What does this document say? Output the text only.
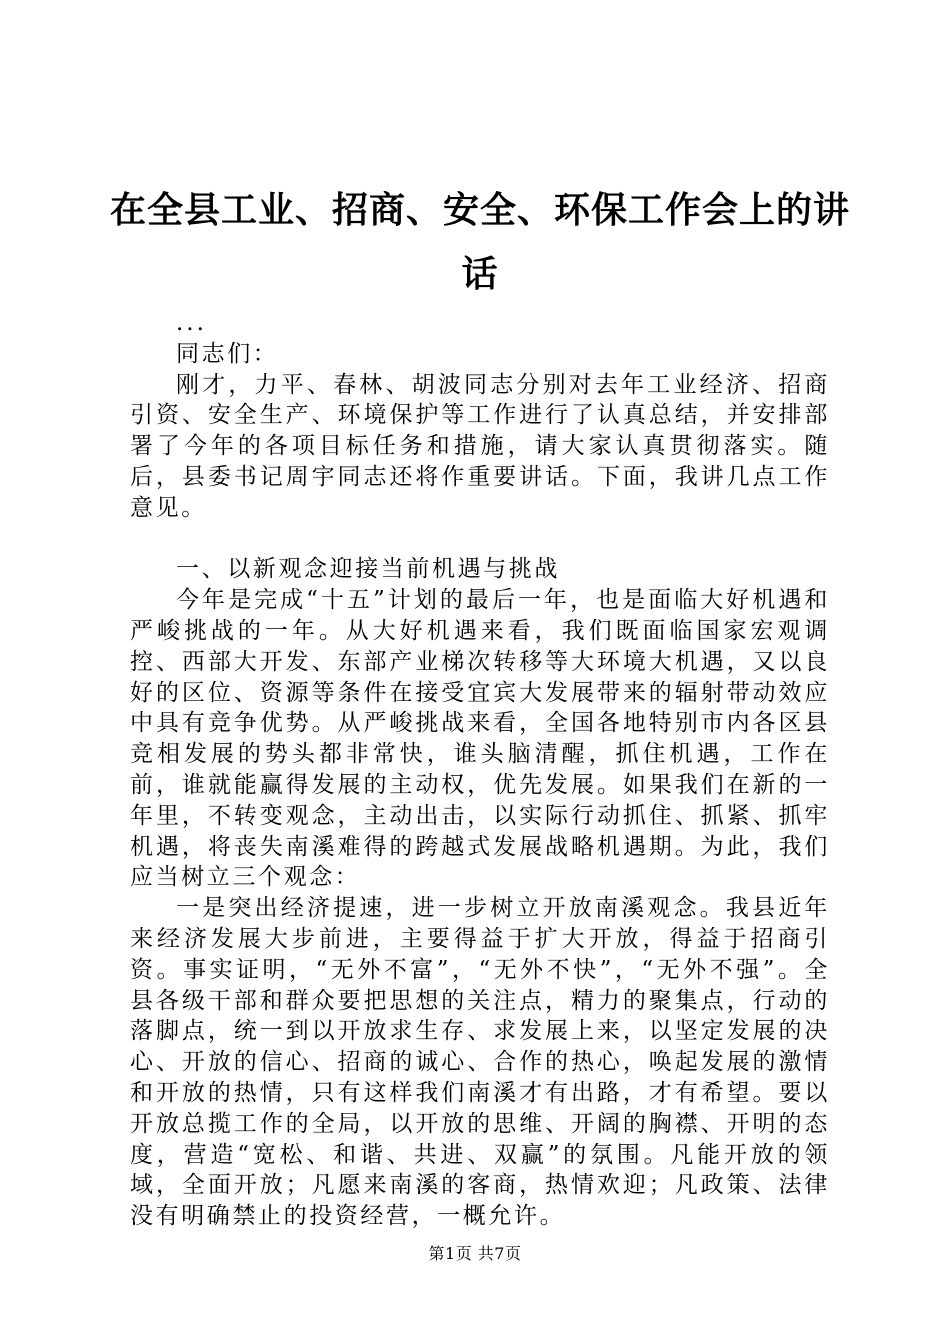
在全县工业、招商、安全、环保工作会上的讲话

...

同志们：

刚才，力平、春林、胡波同志分别对去年工业经济、招商引资、安全生产、环境保护等工作进行了认真总结，并安排部署了今年的各项目标任务和措施，请大家认真贯彻落实。随后，县委书记周宇同志还将作重要讲话。下面，我讲几点工作意见。

一、以新观念迎接当前机遇与挑战

今年是完成“十五”计划的最后一年，也是面临大好机遇和严峻挑战的一年。从大好机遇来看，我们既面临国家宏观调控、西部大开发、东部产业梯次转移等大环境大机遇，又以良好的区位、资源等条件在接受宜宾大发展带来的辐射带动效应中具有竞争优势。从严峻挑战来看，全国各地特别市内各区县竞相发展的势头都非常快，谁头脑清醒，抓住机遇，工作在前，谁就能赢得发展的主动权，优先发展。如果我们在新的一年里，不转变观念，主动出击，以实际行动抓住、抓紧、抓牢机遇，将丧失南溪难得的跨越式发展战略机遇期。为此，我们应当树立三个观念：

一是突出经济提速，进一步树立开放南溪观念。我县近年来经济发展大步前进，主要得益于扩大开放，得益于招商引资。事实证明，“无外不富”，“无外不快”，“无外不强”。全县各级干部和群众要把思想的关注点，精力的聚集点，行动的落脚点，统一到以开放求生存、求发展上来，以坚定发展的决心、开放的信心、招商的诚心、合作的热心，唤起发展的激情和开放的热情，只有这样我们南溪才有出路，才有希望。要以开放总揽工作的全局，以开放的思维、开阔的胸襟、开明的态度，营造“宽松、和谐、共进、双赢”的氛围。凡能开放的领域，全面开放；凡愿来南溪的客商，热情欢迎；凡政策、法律没有明确禁止的投资经营，一概允许。

第1页 共7页
